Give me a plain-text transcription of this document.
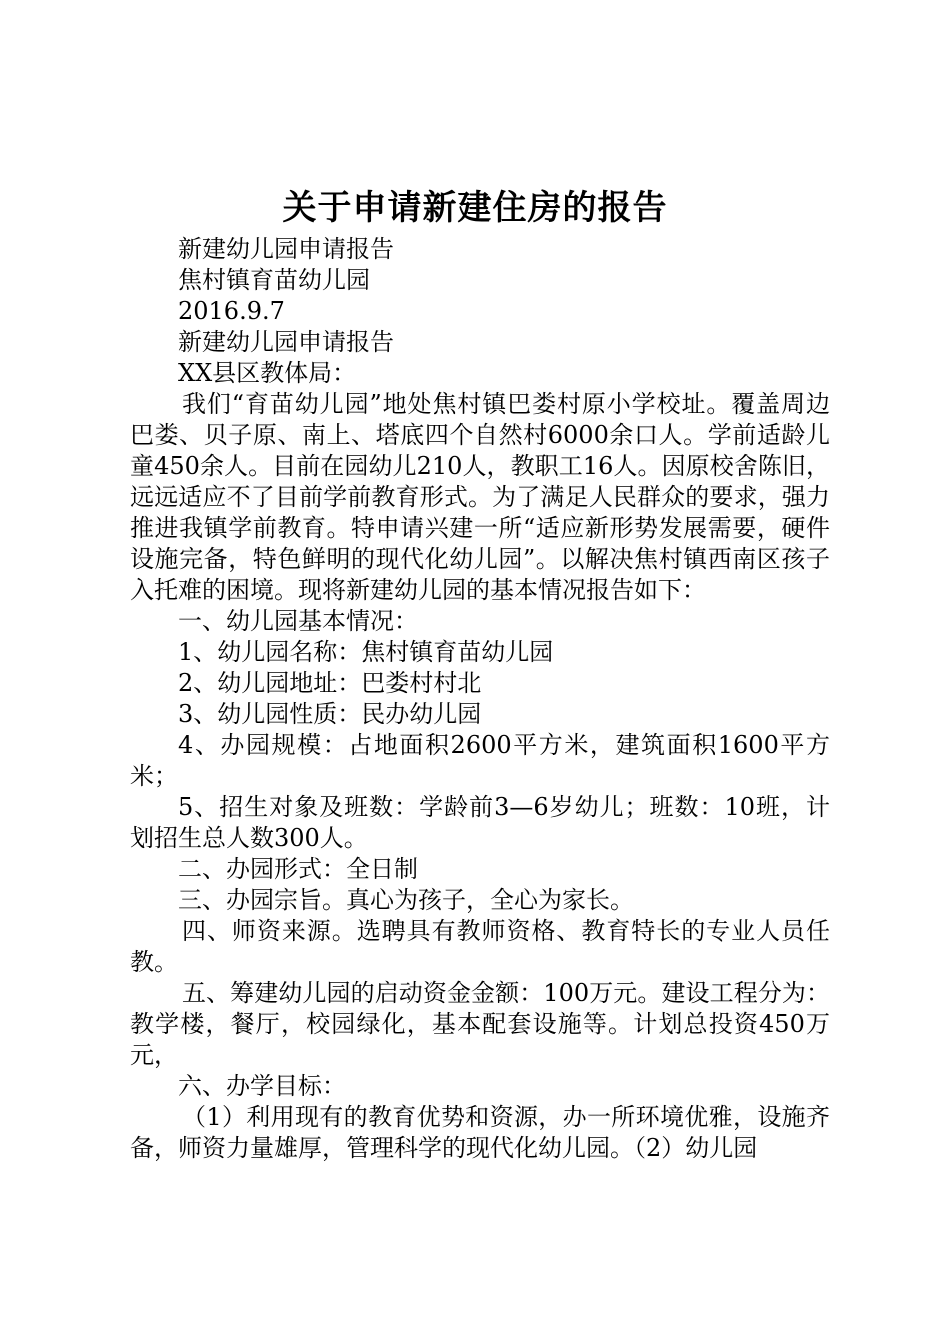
关于申请新建住房的报告

新建幼儿园申请报告

焦村镇育苗幼儿园

2016.9.7

新建幼儿园申请报告

XX县区教体局：

我们“育苗幼儿园”地处焦村镇巴娄村原小学校址。覆盖周边巴娄、贝子原、南上、塔底四个自然村6000余口人。学前适龄儿童450余人。目前在园幼儿210人，教职工16人。因原校舍陈旧，远远适应不了目前学前教育形式。为了满足人民群众的要求，强力推进我镇学前教育。特申请兴建一所“适应新形势发展需要，硬件设施完备，特色鲜明的现代化幼儿园”。以解决焦村镇西南区孩子入托难的困境。现将新建幼儿园的基本情况报告如下：

一、幼儿园基本情况：

1、幼儿园名称：焦村镇育苗幼儿园

2、幼儿园地址：巴娄村村北

3、幼儿园性质：民办幼儿园

4、办园规模：占地面积2600平方米，建筑面积1600平方米；

5、招生对象及班数：学龄前3—6岁幼儿；班数：10班，计划招生总人数300人。

二、办园形式：全日制

三、办园宗旨。真心为孩子，全心为家长。

四、师资来源。选聘具有教师资格、教育特长的专业人员任教。

五、筹建幼儿园的启动资金金额：100万元。建设工程分为：教学楼，餐厅，校园绿化，基本配套设施等。计划总投资450万元，

六、办学目标：

（1）利用现有的教育优势和资源，办一所环境优雅，设施齐备，师资力量雄厚，管理科学的现代化幼儿园。（2）幼儿园
